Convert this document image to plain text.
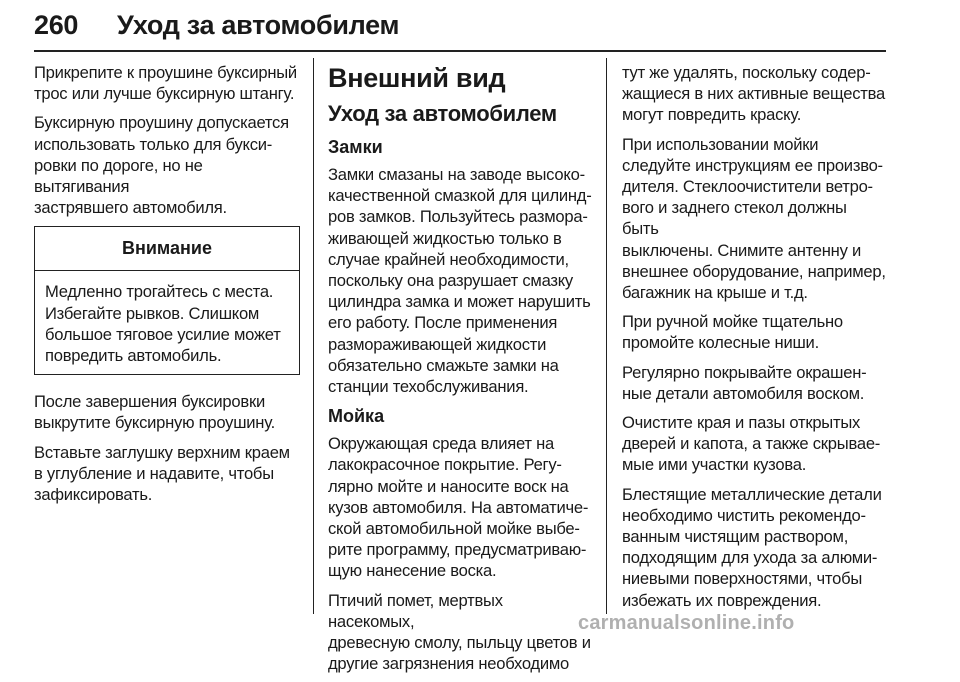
260 Уход за автомобилем

Прикрепите к проушине буксирный
трос или лучше буксирную штангу.

Буксирную проушину допускается
использовать только для букси-
ровки по дороге, но не вытягивания
застрявшего автомобиля.

Внимание

Медленно трогайтесь с места.
Избегайте рывков. Слишком
большое тяговое усилие может
повредить автомобиль.

После завершения буксировки
выкрутите буксирную проушину.

Вставьте заглушку верхним краем
в углубление и надавите, чтобы
зафиксировать.

Внешний вид
Уход за автомобилем
Замки

Замки смазаны на заводе высоко-
качественной смазкой для цилинд-
ров замков. Пользуйтесь размора-
живающей жидкостью только в
случае крайней необходимости,
поскольку она разрушает смазку
цилиндра замка и может нарушить
его работу. После применения
размораживающей жидкости
обязательно смажьте замки на
станции техобслуживания.

Мойка

Окружающая среда влияет на
лакокрасочное покрытие. Регу-
лярно мойте и наносите воск на
кузов автомобиля. На автоматиче-
ской автомобильной мойке выбе-
рите программу, предусматриваю-
щую нанесение воска.

Птичий помет, мертвых насекомых,
древесную смолу, пыльцу цветов и
другие загрязнения необходимо

тут же удалять, поскольку содер-
жащиеся в них активные вещества
могут повредить краску.

При использовании мойки
следуйте инструкциям ее произво-
дителя. Стеклоочистители ветро-
вого и заднего стекол должны быть
выключены. Снимите антенну и
внешнее оборудование, например,
багажник на крыше и т.д.

При ручной мойке тщательно
промойте колесные ниши.

Регулярно покрывайте окрашен-
ные детали автомобиля воском.

Очистите края и пазы открытых
дверей и капота, а также скрывае-
мые ими участки кузова.

Блестящие металлические детали
необходимо чистить рекомендо-
ванным чистящим раствором,
подходящим для ухода за алюми-
ниевыми поверхностями, чтобы
избежать их повреждения.

carmanualsonline.info
